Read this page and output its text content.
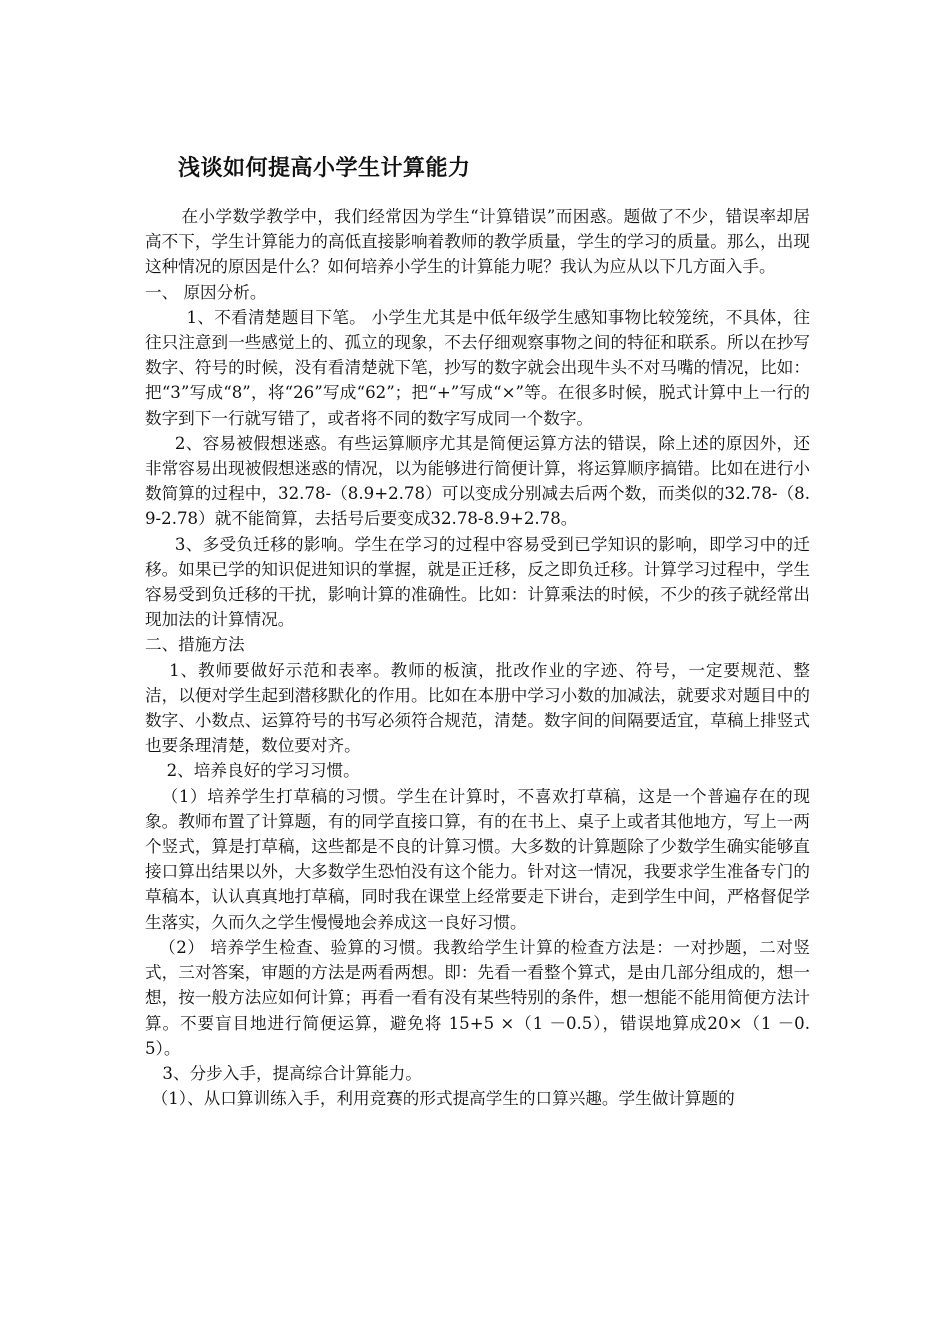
浅谈如何提高小学生计算能力

在小学数学教学中，我们经常因为学生“计算错误”而困惑。题做了不少，错误率却居高不下，学生计算能力的高低直接影响着教师的教学质量，学生的学习的质量。那么，出现这种情况的原因是什么？如何培养小学生的计算能力呢？我认为应从以下几方面入手。

一、 原因分析。

1、不看清楚题目下笔。 小学生尤其是中低年级学生感知事物比较笼统，不具体，往往只注意到一些感觉上的、孤立的现象，不去仔细观察事物之间的特征和联系。所以在抄写数字、符号的时候，没有看清楚就下笔，抄写的数字就会出现牛头不对马嘴的情况，比如：把“3”写成“8”，将“26”写成“62”；把“+”写成“×”等。在很多时候，脱式计算中上一行的数字到下一行就写错了，或者将不同的数字写成同一个数字。

2、容易被假想迷惑。有些运算顺序尤其是简便运算方法的错误，除上述的原因外，还非常容易出现被假想迷惑的情况，以为能够进行简便计算，将运算顺序搞错。比如在进行小数简算的过程中，32.78-（8.9+2.78）可以变成分别减去后两个数，而类似的32.78-（8.9-2.78）就不能简算，去括号后要变成32.78-8.9+2.78。

3、多受负迁移的影响。学生在学习的过程中容易受到已学知识的影响，即学习中的迁移。如果已学的知识促进知识的掌握，就是正迁移，反之即负迁移。计算学习过程中，学生容易受到负迁移的干扰，影响计算的准确性。比如：计算乘法的时候，不少的孩子就经常出现加法的计算情况。

二、措施方法

1、教师要做好示范和表率。教师的板演，批改作业的字迹、符号，一定要规范、整洁，以便对学生起到潜移默化的作用。比如在本册中学习小数的加减法，就要求对题目中的数字、小数点、运算符号的书写必须符合规范，清楚。数字间的间隔要适宜，草稿上排竖式也要条理清楚，数位要对齐。

2、培养良好的学习习惯。

（1）培养学生打草稿的习惯。学生在计算时，不喜欢打草稿，这是一个普遍存在的现象。教师布置了计算题，有的同学直接口算，有的在书上、桌子上或者其他地方，写上一两个竖式，算是打草稿，这些都是不良的计算习惯。大多数的计算题除了少数学生确实能够直接口算出结果以外，大多数学生恐怕没有这个能力。针对这一情况，我要求学生准备专门的草稿本，认认真真地打草稿，同时我在课堂上经常要走下讲台，走到学生中间，严格督促学生落实，久而久之学生慢慢地会养成这一良好习惯。

（2） 培养学生检查、验算的习惯。我教给学生计算的检查方法是：一对抄题，二对竖式，三对答案，审题的方法是两看两想。即：先看一看整个算式，是由几部分组成的，想一想，按一般方法应如何计算；再看一看有没有某些特别的条件，想一想能不能用简便方法计算。不要盲目地进行简便运算，避免将 15+5 ×（1 －0.5），错误地算成20×（1 －0.5）。

3、分步入手，提高综合计算能力。

（1）、从口算训练入手，利用竞赛的形式提高学生的口算兴趣。学生做计算题的
